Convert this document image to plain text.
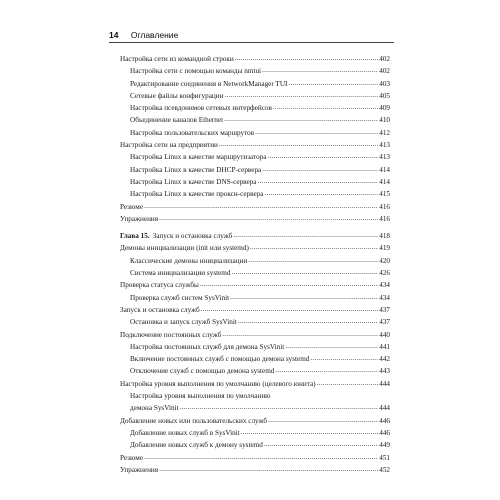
14 Оглавление
Настройка сети из командной строки .....	402
Настройка сети с помощью команды nmtui .....	402
Редактирование соединения в NetworkManager TUI .....	403
Сетевые файлы конфигурации .....	405
Настройка псевдонимов сетевых интерфейсов .....	409
Объединение каналов Ethernet .....	410
Настройка пользовательских маршрутов .....	412
Настройка сети на предприятии .....	413
Настройка Linux в качестве маршрутизатора .....	413
Настройка Linux в качестве DHCP-сервера .....	414
Настройка Linux в качестве DNS-сервера .....	414
Настройка Linux в качестве прокси-сервера .....	415
Резюме .....	416
Упражнения .....	416
Глава 15. Запуск и остановка служб .....	418
Демоны инициализации (init или systemd) .....	419
Классические демоны инициализации .....	420
Система инициализации systemd .....	426
Проверка статуса службы .....	434
Проверка служб систем SysVinit .....	434
Запуск и остановка служб .....	437
Остановка и запуск служб SysVinit .....	437
Подключение постоянных служб .....	440
Настройка постоянных служб для демона SysVinit .....	441
Включение постоянных служб с помощью демона systemd .....	442
Отключение служб с помощью демона systemd .....	443
Настройка уровня выполнения по умолчанию (целевого юнита) .....	444
Настройка уровня выполнения по умолчанию
демона SysVinit .....	444
Добавление новых или пользовательских служб .....	446
Добавление новых служб в SysVinit .....	446
Добавление новых служб к демону systemd .....	449
Резюме .....	451
Упражнения .....	452
